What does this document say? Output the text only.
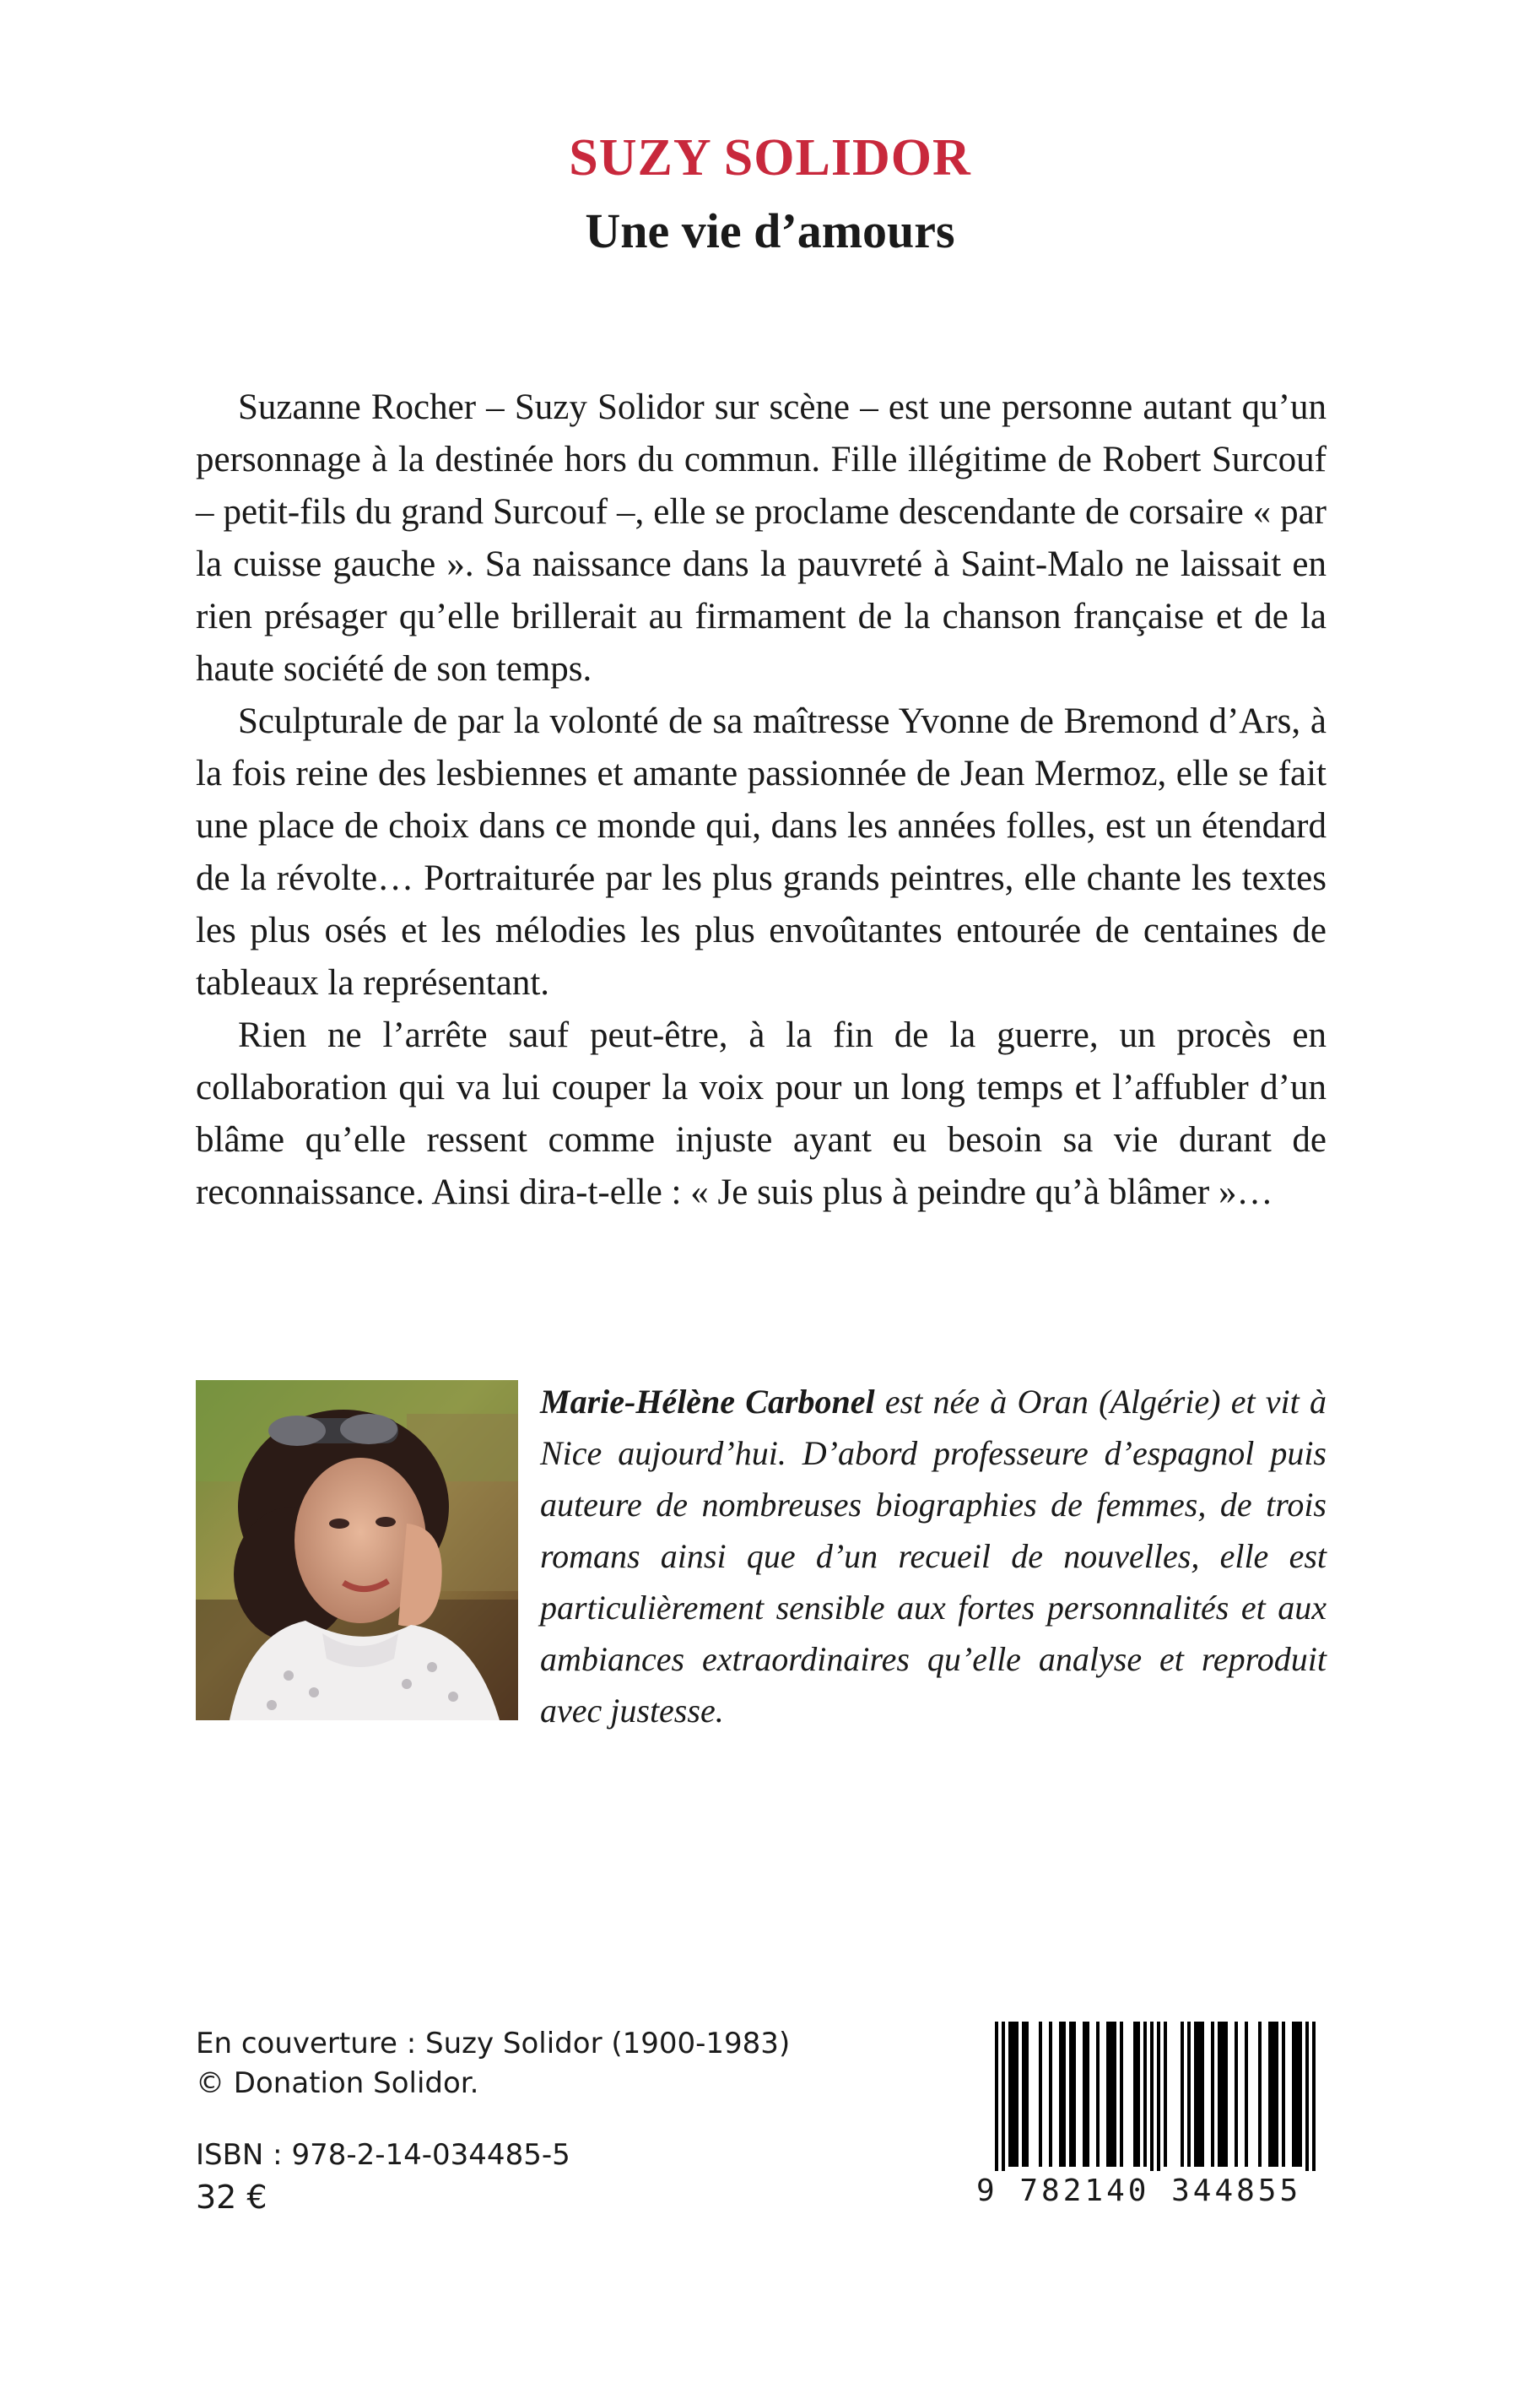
SUZY SOLIDOR
Une vie d’amours

Suzanne Rocher – Suzy Solidor sur scène – est une personne autant qu’un personnage à la destinée hors du commun. Fille illégitime de Robert Surcouf – petit-fils du grand Surcouf –, elle se proclame descendante de corsaire « par la cuisse gauche ». Sa naissance dans la pauvreté à Saint-Malo ne laissait en rien présager qu’elle brillerait au firmament de la chanson française et de la haute société de son temps.

Sculpturale de par la volonté de sa maîtresse Yvonne de Bremond d’Ars, à la fois reine des lesbiennes et amante passionnée de Jean Mermoz, elle se fait une place de choix dans ce monde qui, dans les années folles, est un étendard de la révolte… Portraiturée par les plus grands peintres, elle chante les textes les plus osés et les mélodies les plus envoûtantes entourée de centaines de tableaux la représentant.

Rien ne l’arrête sauf peut-être, à la fin de la guerre, un procès en collaboration qui va lui couper la voix pour un long temps et l’affubler d’un blâme qu’elle ressent comme injuste ayant eu besoin sa vie durant de reconnaissance. Ainsi dira-t-elle : « Je suis plus à peindre qu’à blâmer »…

Marie-Hélène Carbonel est née à Oran (Algérie) et vit à Nice aujourd’hui. D’abord professeure d’espagnol puis auteure de nombreuses biographies de femmes, de trois romans ainsi que d’un recueil de nouvelles, elle est particulièrement sensible aux fortes personnalités et aux ambiances extraordinaires qu’elle analyse et reproduit avec justesse.

En couverture : Suzy Solidor (1900-1983)
© Donation Solidor.
ISBN : 978-2-14-034485-5
32 €	9 782140 344855
